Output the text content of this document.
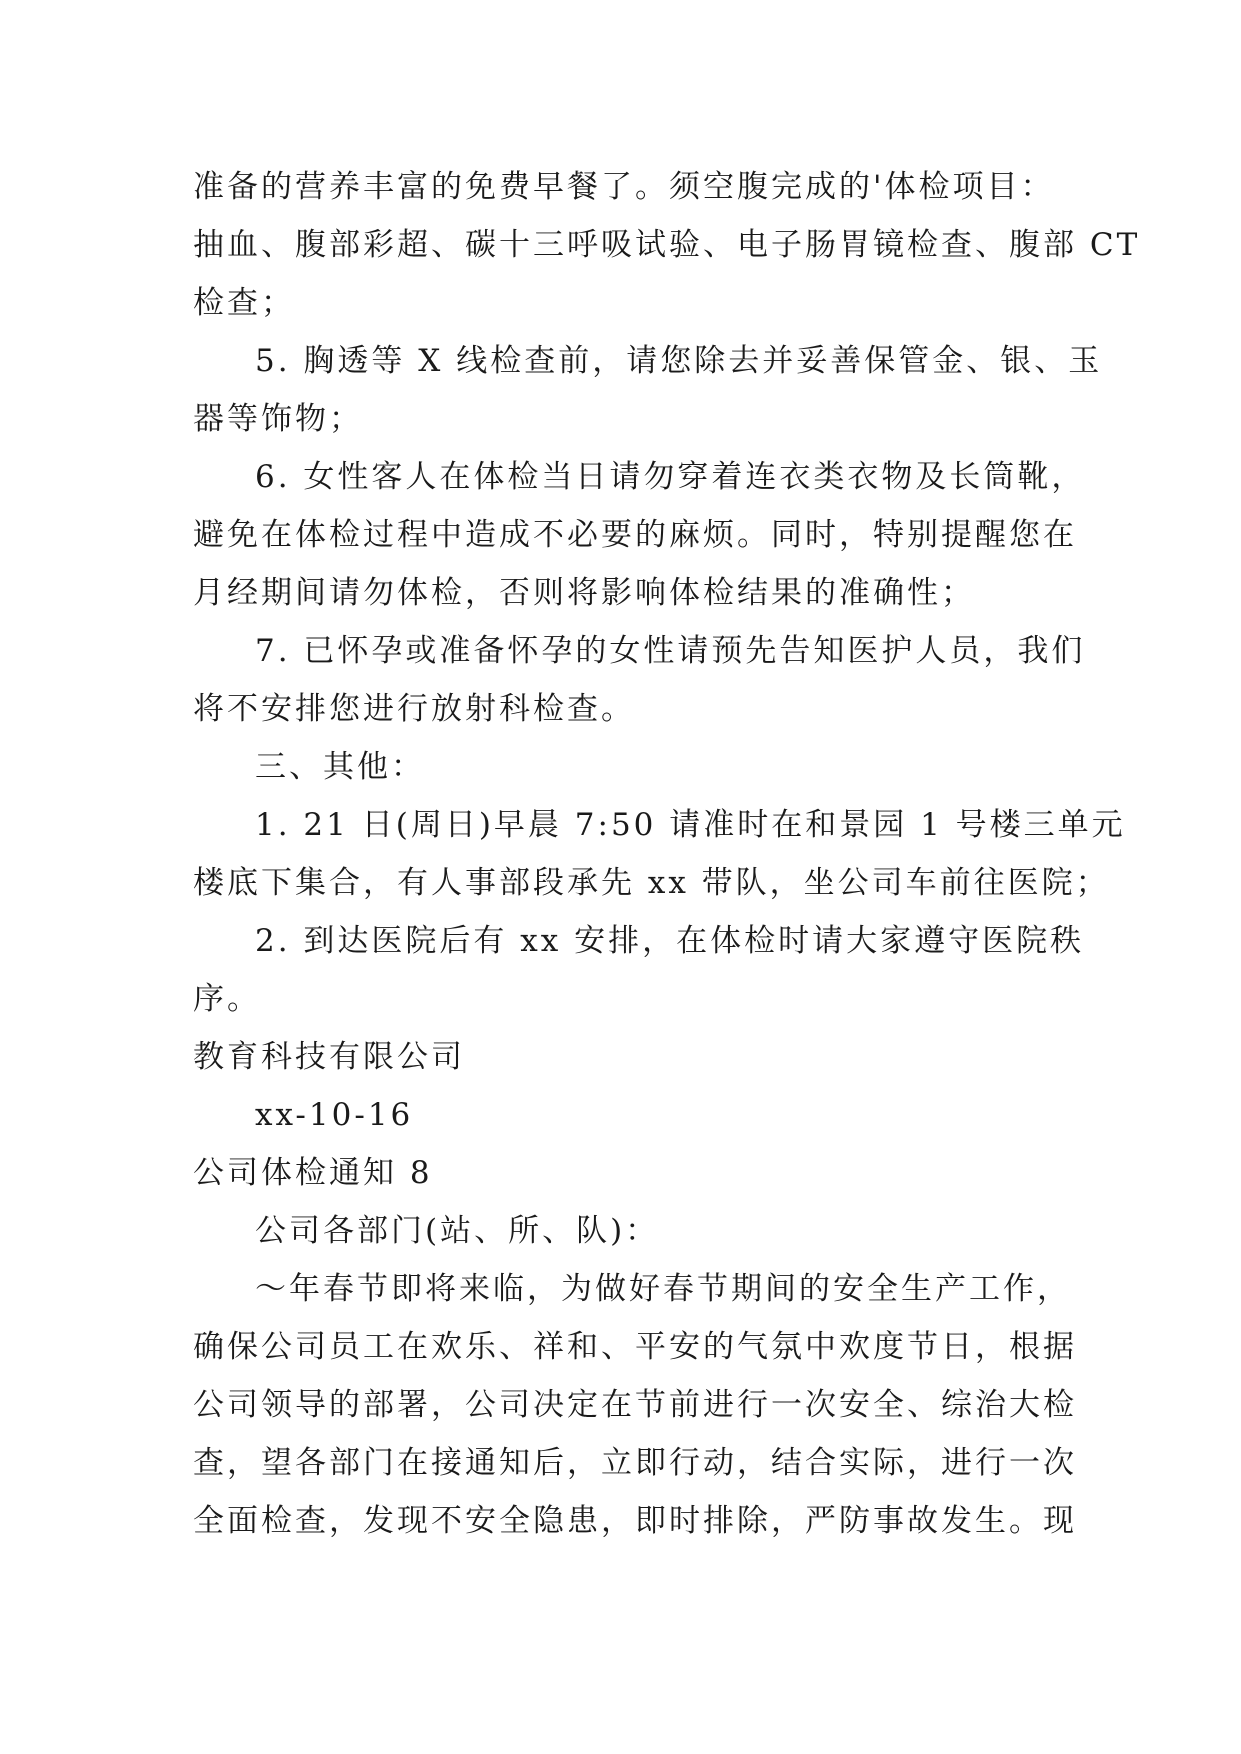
准备的营养丰富的免费早餐了。须空腹完成的'体检项目：
抽血、腹部彩超、碳十三呼吸试验、电子肠胃镜检查、腹部 CT
检查；
5. 胸透等 X 线检查前，请您除去并妥善保管金、银、玉
器等饰物；
6. 女性客人在体检当日请勿穿着连衣类衣物及长筒靴，
避免在体检过程中造成不必要的麻烦。同时，特别提醒您在
月经期间请勿体检，否则将影响体检结果的准确性；
7. 已怀孕或准备怀孕的女性请预先告知医护人员，我们
将不安排您进行放射科检查。
三、其他：
1. 21 日(周日)早晨 7:50 请准时在和景园 1 号楼三单元
楼底下集合，有人事部段承先 xx 带队，坐公司车前往医院；
2. 到达医院后有 xx 安排，在体检时请大家遵守医院秩
序。
教育科技有限公司
xx-10-16
公司体检通知 8
公司各部门(站、所、队)：
～年春节即将来临，为做好春节期间的安全生产工作，
确保公司员工在欢乐、祥和、平安的气氛中欢度节日，根据
公司领导的部署，公司决定在节前进行一次安全、综治大检
查，望各部门在接通知后，立即行动，结合实际，进行一次
全面检查，发现不安全隐患，即时排除，严防事故发生。现
